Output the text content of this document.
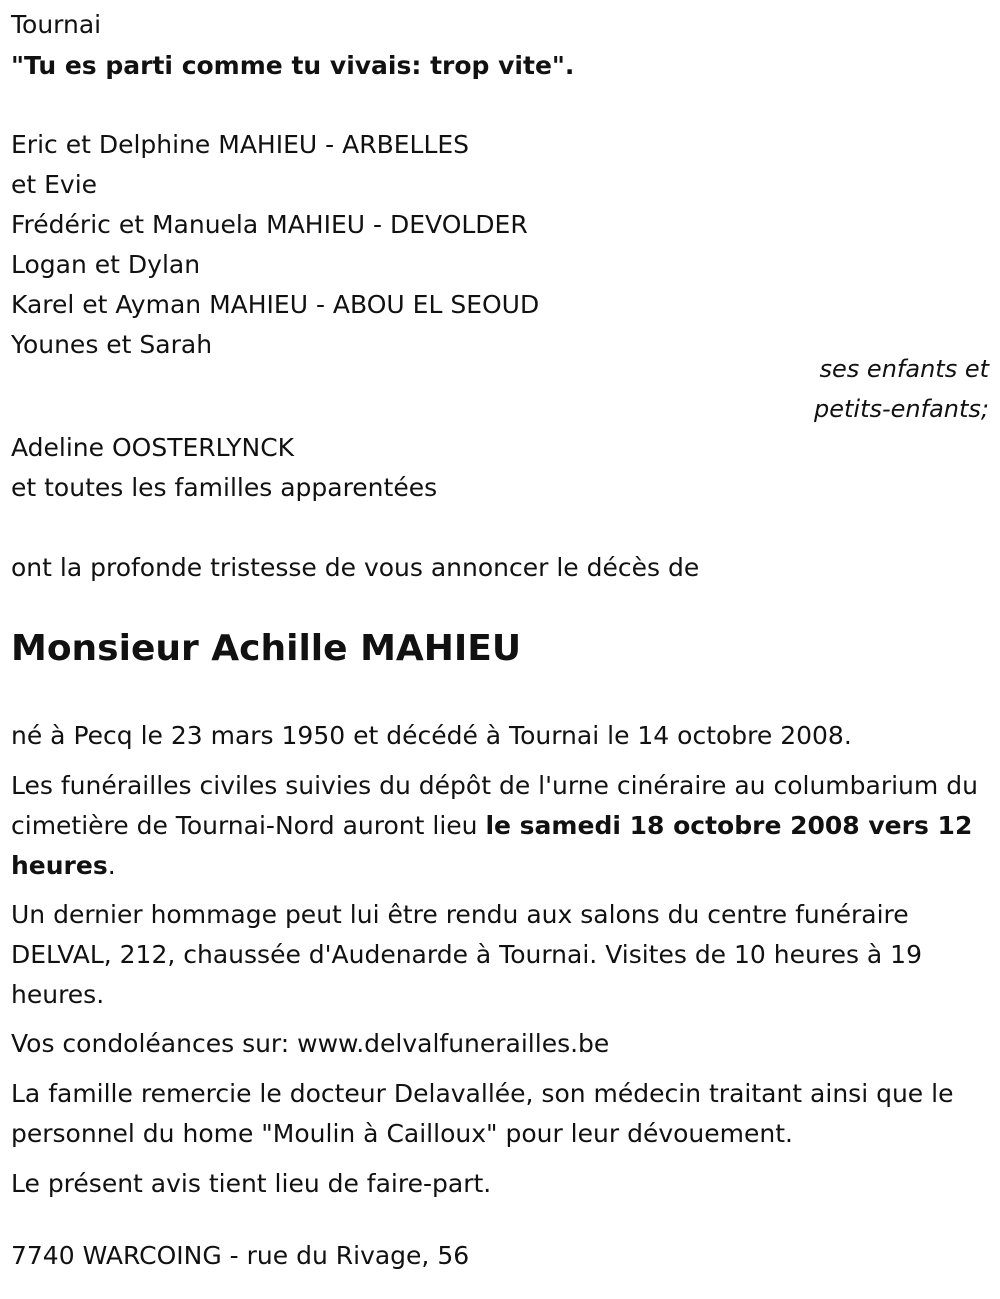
Tournai
"Tu es parti comme tu vivais: trop vite".
Eric et Delphine MAHIEU - ARBELLES
et Evie
Frédéric et Manuela MAHIEU - DEVOLDER
Logan et Dylan
Karel et Ayman MAHIEU - ABOU EL SEOUD
Younes et Sarah
ses enfants et
petits-enfants;
Adeline OOSTERLYNCK
et toutes les familles apparentées
ont la profonde tristesse de vous annoncer le décès de
Monsieur Achille MAHIEU
né à Pecq le 23 mars 1950 et décédé à Tournai le 14 octobre 2008.
Les funérailles civiles suivies du dépôt de l'urne cinéraire au columbarium du cimetière de Tournai-Nord auront lieu le samedi 18 octobre 2008 vers 12 heures.
Un dernier hommage peut lui être rendu aux salons du centre funéraire DELVAL, 212, chaussée d'Audenarde à Tournai. Visites de 10 heures à 19 heures.
Vos condoléances sur: www.delvalfunerailles.be
La famille remercie le docteur Delavallée, son médecin traitant ainsi que le personnel du home "Moulin à Cailloux" pour leur dévouement.
Le présent avis tient lieu de faire-part.
7740 WARCOING - rue du Rivage, 56
